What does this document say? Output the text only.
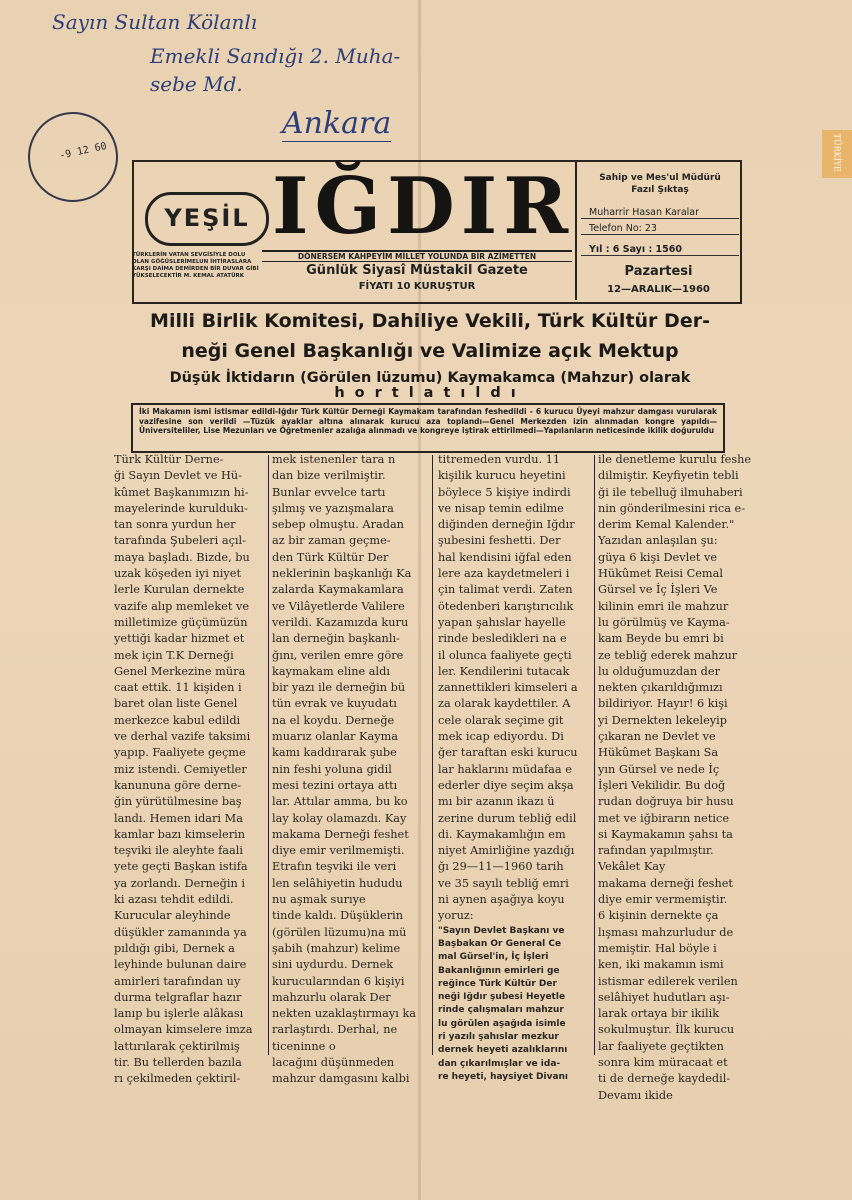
Sayın Sultan Kölanlı
Emekli Sandığı 2. Muha-
sebe Md.
Ankara
-9 12 60	TÜRKİYE
YEŞİL IĞDIR
TÜRKLERİN VATAN SEVGİSİYLE DOLU OLAN GÖĞÜSLERİMELUN İHTİRASLARA KARŞI DAİMA DEMİRDEN BİR DUVAR GİBİ YÜKSELECEKTİR M. KEMAL ATATÜRK
DÖNERSEM KAHPEYİM MİLLET YOLUNDA BİR AZİMETTEN
Günlük Siyasî Müstakil Gazete
FİYATI 10 KURUŞTUR
Sahip ve Mes'ul Müdürü
Fazıl Şıktaş
Muharrir Hasan Karalar
Telefon No: 23
Yıl : 6 Sayı : 1560
Pazartesi
12—ARALIK—1960
Milli Birlik Komitesi, Dahiliye Vekili, Türk Kültür Der-
neği Genel Başkanlığı ve Valimize açık Mektup
Düşük İktidarın (Görülen lüzumu) Kaymakamca (Mahzur) olarak
hortlatıldı
İki Makamın ismi istismar edildi-Iğdır Türk Kültür Derneği Kaymakam tarafından feshedildi - 6 kurucu Üyeyi mahzur damgası vurularak vazifesine son verildi —Tüzük ayaklar altına alınarak kurucu aza toplandı—Genel Merkezden izin alınmadan kongre yapıldı—Üniversiteliler, Lise Mezunları ve Öğretmenler azalığa alınmadı ve kongreye iştirak ettirilmedi—Yapılanların neticesinde ikilik doğuruldu
Türk Kültür Derne-
ği Sayın Devlet ve Hü-
kûmet Başkanımızın hi-
mayelerinde kuruldukı-
tan sonra yurdun her
tarafında Şubeleri açıl-
maya başladı. Bizde, bu
uzak köşeden iyi niyet
lerle Kurulan dernekte
vazife alıp memleket ve
milletimize güçümüzün
yettiği kadar hizmet et
mek için T.K Derneği
Genel Merkezine müra
caat ettik. 11 kişiden i
baret olan liste Genel
merkezce kabul edildi
ve derhal vazife taksimi
yapıp. Faaliyete geçme
miz istendi. Cemiyetler
kanununa göre derne-
ğin yürütülmesine baş
landı. Hemen idari Ma
kamlar bazı kimselerin
teşviki ile aleyhte faali
yete geçti Başkan istifa
ya zorlandı. Derneğin i
ki azası tehdit edildi.
Kurucular aleyhinde
düşükler zamanında ya
pıldığı gibi, Dernek a
leyhinde bulunan daire
amirleri tarafından uy
durma telgraflar hazır
lanıp bu işlerle alâkası
olmayan kimselere imza
lattırılarak çektirilmiş
tir. Bu tellerden bazıla
rı çekilmeden çektiril-
mek istenenler tara n
dan bize verilmiştir.
Bunlar evvelce tartı
şılmış ve yazışmalara
sebep olmuştu. Aradan
az bir zaman geçme-
den Türk Kültür Der
neklerinin başkanlığı Ka
zalarda Kaymakamlara
ve Vilâyetlerde Valilere
verildi. Kazamızda kuru
lan derneğin başkanlı-
ğını, verilen emre göre
kaymakam eline aldı
bir yazı ile derneğin bü
tün evrak ve kuyudatı
na el koydu. Derneğe
muarız olanlar Kayma
kamı kaddırarak şube
nin feshi yoluna gidil
mesi tezini ortaya attı
lar. Attılar amma, bu ko
lay kolay olamazdı. Kay
makama Derneği feshet
diye emir verilmemişti.
Etrafın teşviki ile veri
len selâhiyetin hududu
nu aşmak surıye
tinde kaldı. Düşüklerin
(görülen lüzumu)na mü
şabih (mahzur) kelime
sini uydurdu. Dernek
kurucularından 6 kişiyi
mahzurlu olarak Der
nekten uzaklaştırmayı ka
rarlaştırdı. Derhal, ne
ticeninne o
lacağını düşünmeden
mahzur damgasını kalbi
titremeden vurdu. 11
kişilik kurucu heyetini
böylece 5 kişiye indirdi
ve nisap temin edilme
diğinden derneğin Iğdır
şubesini feshetti. Der
hal kendisini iğfal eden
lere aza kaydetmeleri i
çin talimat verdi. Zaten
ötedenberi karıştırıcılık
yapan şahıslar hayelle
rinde besledikleri na e
il olunca faaliyete geçti
ler. Kendilerini tutacak
zannettikleri kimseleri a
za olarak kaydettiler. A
cele olarak seçime git
mek icap ediyordu. Di
ğer taraftan eski kurucu
lar haklarını müdafaa e
ederler diye seçim akşa
mı bir azanın ikazı ü
zerine durum tebliğ edil
di. Kaymakamlığın em
niyet Amirliğine yazdığı
ğı 29—11—1960 tarih
ve 35 sayılı tebliğ emri
ni aynen aşağıya koyu
yoruz:
"Sayın Devlet Başkanı ve
Başbakan Or General Ce
mal Gürsel'in, İç İşleri
Bakanlığının emirleri ge
reğince Türk Kültür Der
neği Iğdır şubesi Heyetle
rinde çalışmaları mahzur
lu görülen aşağıda isimle
ri yazılı şahıslar mezkur
dernek heyeti azalıklarını
dan çıkarılmışlar ve ida-
re heyeti, haysiyet Divanı
ile denetleme kurulu feshe
dilmiştir. Keyfiyetin tebli
ği ile tebelluğ ilmuhaberi
nin gönderilmesini rica e-
derim Kemal Kalender."
Yazıdan anlaşılan şu:
güya 6 kişi Devlet ve
Hükûmet Reisi Cemal
Gürsel ve İç İşleri Ve
kilinin emri ile mahzur
lu görülmüş ve Kayma-
kam Beyde bu emri bi
ze tebliğ ederek mahzur
lu olduğumuzdan der
nekten çıkarıldığımızı
bildiriyor. Hayır! 6 kişi
yi Dernekten lekeleyip
çıkaran ne Devlet ve
Hükûmet Başkanı Sa
yın Gürsel ve nede İç
İşleri Vekilidir. Bu doğ
rudan doğruya bir husu
met ve iğbirarın netice
si Kaymakamın şahsı ta
rafından yapılmıştır.
Vekâlet Kay
makama derneği feshet
diye emir vermemiştir.
6 kişinin dernekte ça
lışması mahzurludur de
memiştir. Hal böyle i
ken, iki makamın ismi
istismar edilerek verilen
selâhiyet hudutları aşı-
larak ortaya bir ikilik
sokulmuştur. İlk kurucu
lar faaliyete geçtikten
sonra kim müracaat et
ti de derneğe kaydedil-
Devamı ikide
